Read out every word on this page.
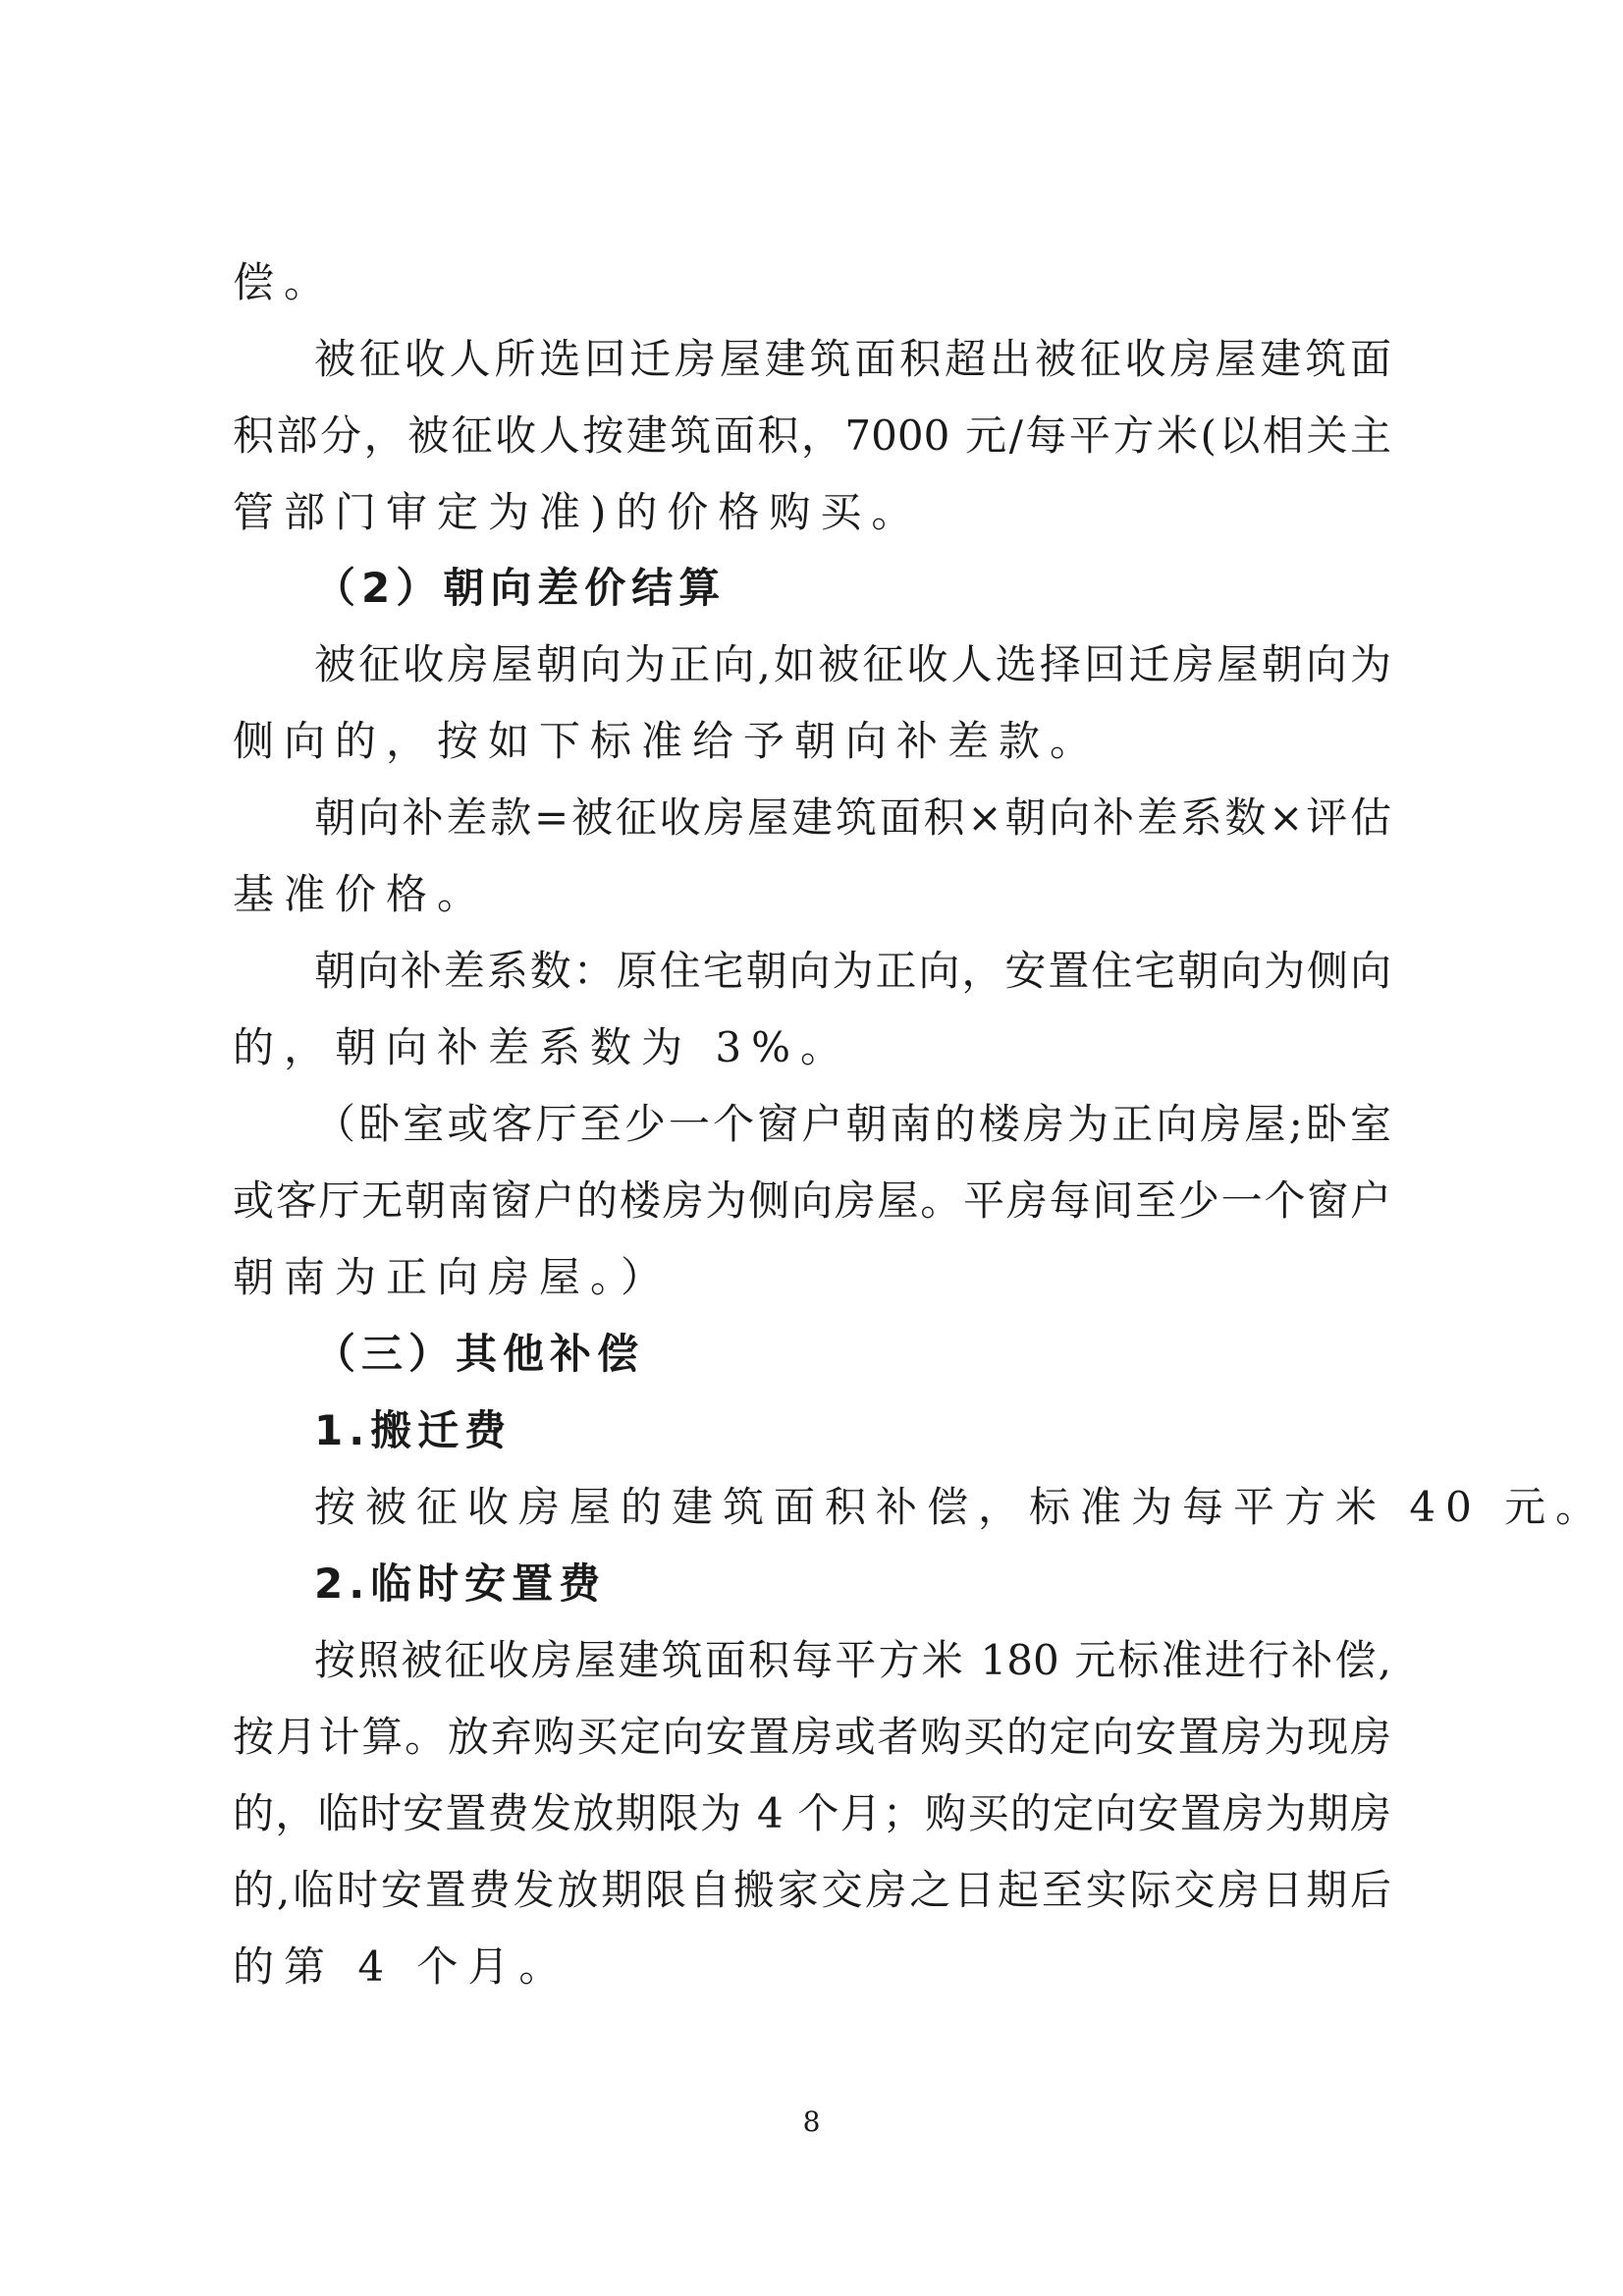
偿。
被征收人所选回迁房屋建筑面积超出被征收房屋建筑面
积部分，被征收人按建筑面积，7000 元/每平方米(以相关主
管部门审定为准)的价格购买。
（2）朝向差价结算
被征收房屋朝向为正向,如被征收人选择回迁房屋朝向为
侧向的，按如下标准给予朝向补差款。
朝向补差款=被征收房屋建筑面积×朝向补差系数×评估
基准价格。
朝向补差系数：原住宅朝向为正向，安置住宅朝向为侧向
的，朝向补差系数为 3%。
（卧室或客厅至少一个窗户朝南的楼房为正向房屋;卧室
或客厅无朝南窗户的楼房为侧向房屋。平房每间至少一个窗户
朝南为正向房屋。）
（三）其他补偿
1.搬迁费
按被征收房屋的建筑面积补偿，标准为每平方米 40 元。
2.临时安置费
按照被征收房屋建筑面积每平方米 180 元标准进行补偿,
按月计算。放弃购买定向安置房或者购买的定向安置房为现房
的，临时安置费发放期限为 4 个月；购买的定向安置房为期房
的,临时安置费发放期限自搬家交房之日起至实际交房日期后
的第 4 个月。
8
